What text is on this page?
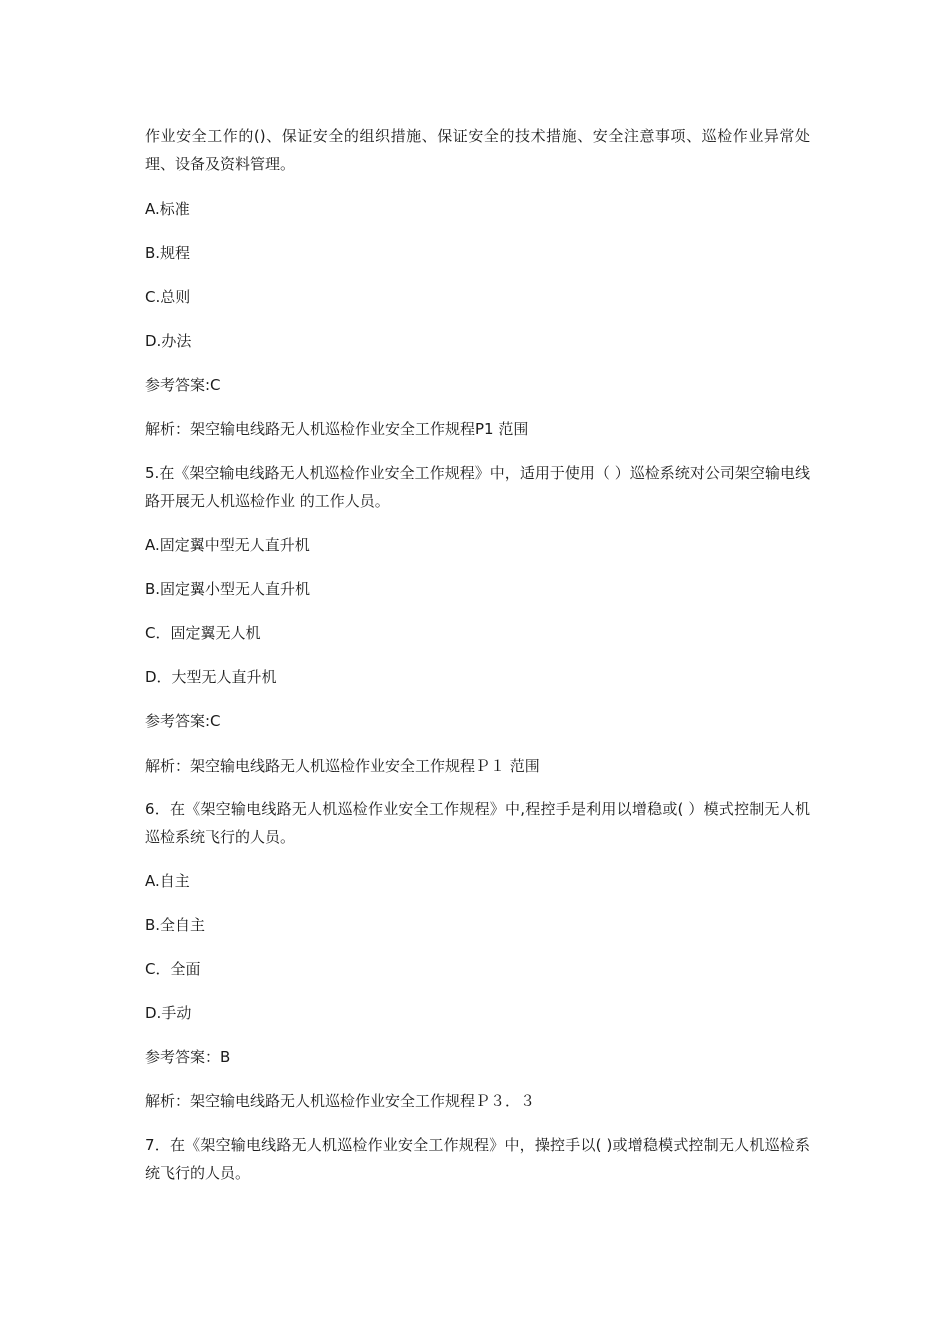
作业安全工作的()、保证安全的组织措施、保证安全的技术措施、安全注意事项、巡检作业异常处理、设备及资料管理。
A.标准
B.规程
C.总则
D.办法
参考答案:C
解析：架空输电线路无人机巡检作业安全工作规程P1 范围
5.在《架空输电线路无人机巡检作业安全工作规程》中，适用于使用（ ）巡检系统对公司架空输电线路开展无人机巡检作业 的工作人员。
A.固定翼中型无人直升机
B.固定翼小型无人直升机
C．固定翼无人机
D．大型无人直升机
参考答案:C
解析：架空输电线路无人机巡检作业安全工作规程Ｐ１ 范围
6．在《架空输电线路无人机巡检作业安全工作规程》中,程控手是利用以增稳或( ）模式控制无人机巡检系统飞行的人员。
A.自主
B.全自主
C．全面
D.手动
参考答案：B
解析：架空输电线路无人机巡检作业安全工作规程Ｐ３．３
7．在《架空输电线路无人机巡检作业安全工作规程》中，操控手以( )或增稳模式控制无人机巡检系统飞行的人员。
